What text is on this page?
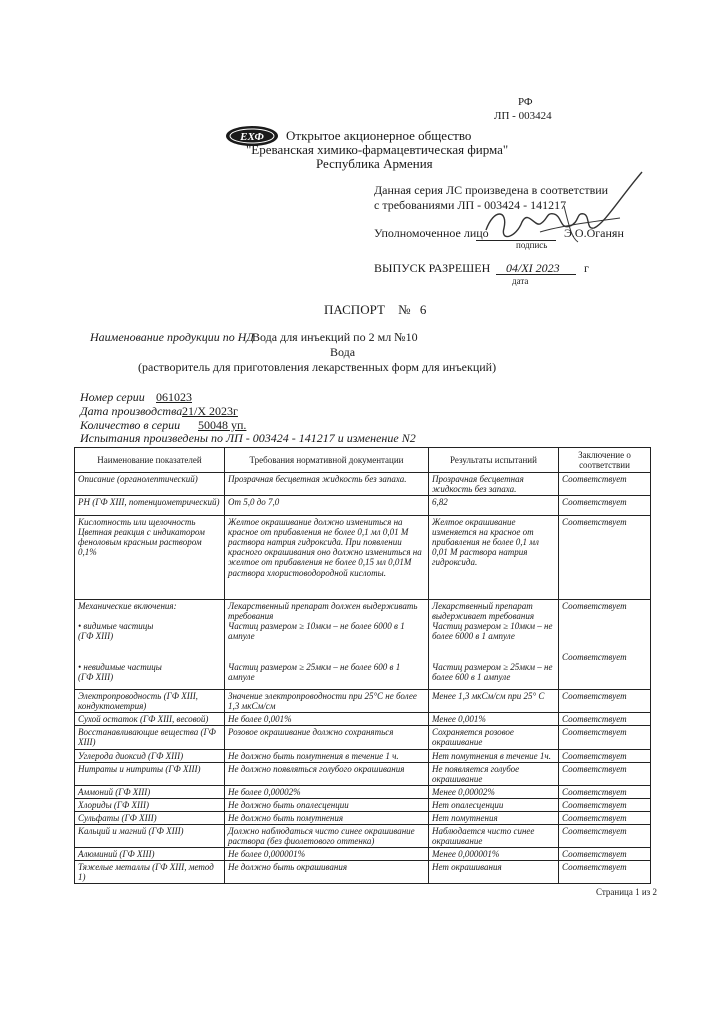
РФ
ЛП - 003424
ЕХФ Открытое акционерное общество
"Ереванская химико-фармацевтическая фирма"
Республика Армения
Данная серия ЛС произведена в соответствии
с требованиями ЛП - 003424 - 141217
Уполномоченное лицо
подпись
Э.О.Оганян
ВЫПУСК РАЗРЕШЕН 04/XI 2023 г
дата
ПАСПОРТ № 6
Наименование продукции по НД
Вода для инъекций по 2 мл №10
Вода
(растворитель для приготовления лекарственных форм для инъекций)
Номер серии 061023
Дата производства 21/X 2023г
Количество в серии 50048 уп.
Испытания произведены по ЛП - 003424 - 141217 и изменение N2
Наименование показателей	Требования нормативной документации	Результаты испытаний	Заключение о соответствии
Описание (органолептический)	Прозрачная бесцветная жидкость без запаха.	Прозрачная бесцветная жидкость без запаха.	Соответствует
PH (ГФ XIII, потенциометрический)	От 5,0 до 7,0	6,82	Соответствует
Кислотность или щелочность
Цветная реакция с индикатором феноловым красным раствором 0,1%	Желтое окрашивание должно измениться на красное от прибавления не более 0,1 мл 0,01 М раствора натрия гидроксида. При появлении красного окрашивания оно должно измениться на желтое от прибавления не более 0,15 мл 0,01М раствора хлористоводородной кислоты.	Желтое окрашивание изменяется на красное от прибавления не более 0,1 мл 0,01 М раствора натрия гидроксида.	Соответствует
Механические включения:

• видимые частицы
(ГФ XIII)

• невидимые частицы
(ГФ XIII)	Лекарственный препарат должен выдерживать требования
Частиц размером ≥ 10мкм – не более 6000 в 1 ампуле

Частиц размером ≥ 25мкм – не более 600 в 1 ампуле	Лекарственный препарат выдерживает требования
Частиц размером ≥ 10мкм – не более 6000 в 1 ампуле

Частиц размером ≥ 25мкм – не более 600 в 1 ампуле	Соответствует

Соответствует
Электропроводность (ГФ XIII, кондуктометрия)	Значение электропроводности при 25°С не более 1,3 мкСм/см	Менее 1,3 мкСм/см при 25° С	Соответствует
Сухой остаток (ГФ XIII, весовой)	Не более 0,001%	Менее 0,001%	Соответствует
Восстанавливающие вещества (ГФ XIII)	Розовое окрашивание должно сохраняться	Сохраняется розовое окрашивание	Соответствует
Углерода диоксид (ГФ XIII)	Не должно быть помутнения в течение 1 ч.	Нет помутнения в течение 1ч.	Соответствует
Нитраты и нитриты (ГФ XIII)	Не должно появляться голубого окрашивания	Не появляется голубое окрашивание	Соответствует
Аммоний (ГФ XIII)	Не более 0,00002%	Менее 0,00002%	Соответствует
Хлориды (ГФ XIII)	Не должно быть опалесценции	Нет опалесценции	Соответствует
Сульфаты (ГФ XIII)	Не должно быть помутнения	Нет помутнения	Соответствует
Кальций и магний (ГФ XIII)	Должно наблюдаться чисто синее окрашивание раствора (без фиолетового оттенка)	Наблюдается чисто синее окрашивание	Соответствует
Алюминий (ГФ XIII)	Не более 0,000001%	Менее 0,000001%	Соответствует
Тяжелые металлы (ГФ XIII, метод 1)	Не должно быть окрашивания	Нет окрашивания	Соответствует
Страница 1 из 2
